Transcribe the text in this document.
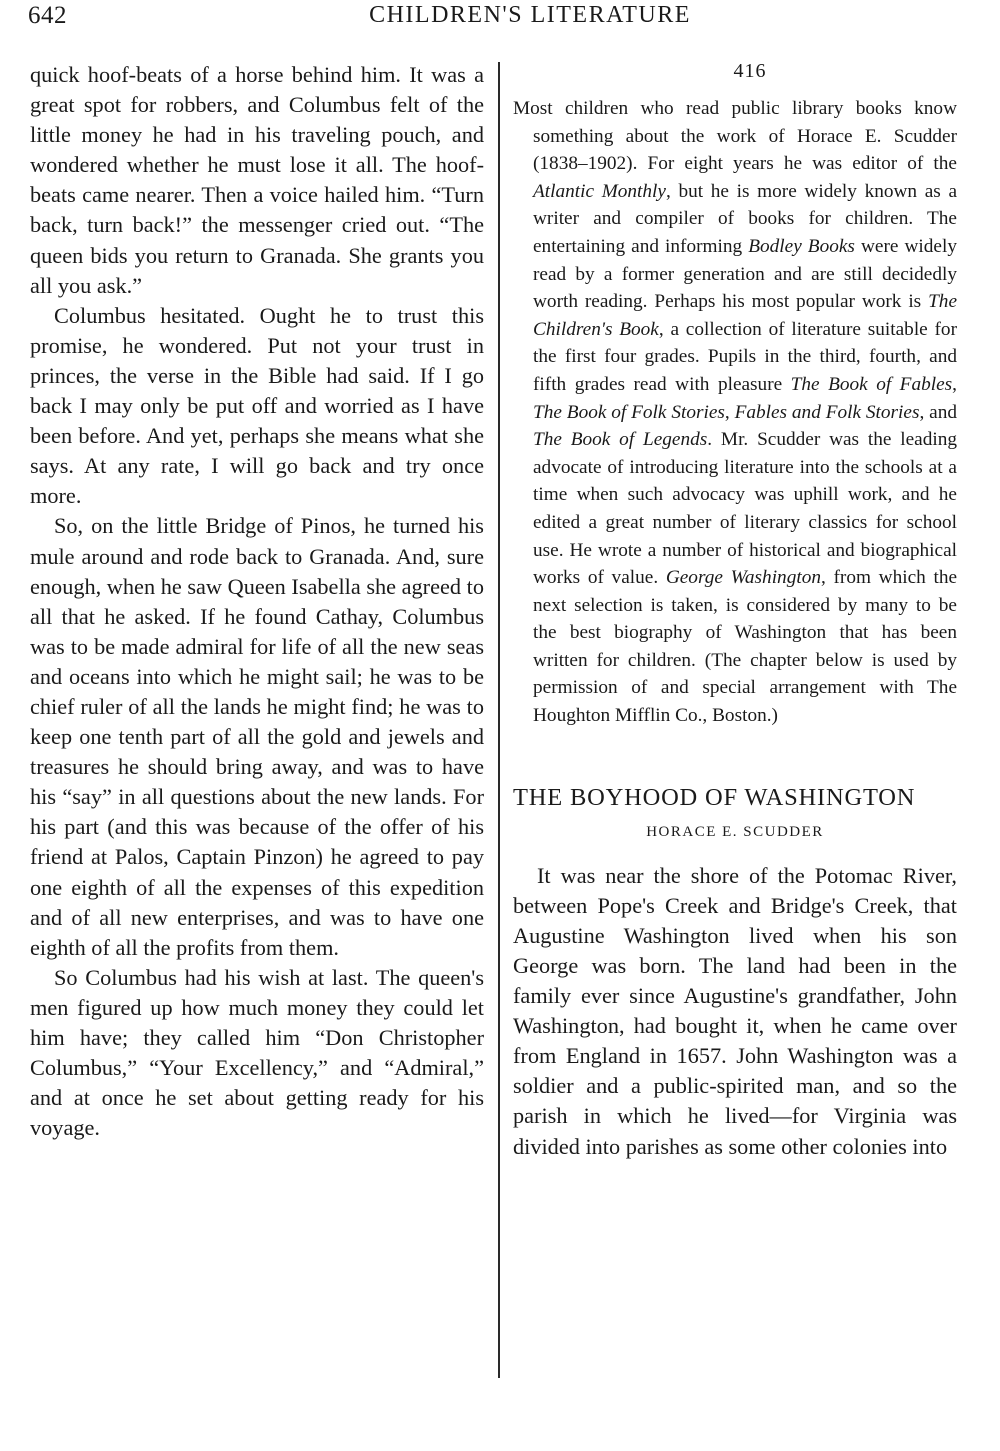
642	CHILDREN'S LITERATURE

quick hoof-beats of a horse behind him. It was a great spot for robbers, and Columbus felt of the little money he had in his traveling pouch, and wondered whether he must lose it all. The hoof-beats came nearer. Then a voice hailed him. “Turn back, turn back!” the messenger cried out. “The queen bids you return to Granada. She grants you all you ask.”

Columbus hesitated. Ought he to trust this promise, he wondered. Put not your trust in princes, the verse in the Bible had said. If I go back I may only be put off and worried as I have been before. And yet, perhaps she means what she says. At any rate, I will go back and try once more.

So, on the little Bridge of Pinos, he turned his mule around and rode back to Granada. And, sure enough, when he saw Queen Isabella she agreed to all that he asked. If he found Cathay, Columbus was to be made admiral for life of all the new seas and oceans into which he might sail; he was to be chief ruler of all the lands he might find; he was to keep one tenth part of all the gold and jewels and treasures he should bring away, and was to have his “say” in all questions about the new lands. For his part (and this was because of the offer of his friend at Palos, Captain Pinzon) he agreed to pay one eighth of all the expenses of this expedition and of all new enterprises, and was to have one eighth of all the profits from them.

So Columbus had his wish at last. The queen's men figured up how much money they could let him have; they called him “Don Christopher Columbus,” “Your Excellency,” and “Admiral,” and at once he set about getting ready for his voyage.

416

Most children who read public library books know something about the work of Horace E. Scudder (1838–1902). For eight years he was editor of the Atlantic Monthly, but he is more widely known as a writer and compiler of books for children. The entertaining and informing Bodley Books were widely read by a former generation and are still decidedly worth reading. Perhaps his most popular work is The Children's Book, a collection of literature suitable for the first four grades. Pupils in the third, fourth, and fifth grades read with pleasure The Book of Fables, The Book of Folk Stories, Fables and Folk Stories, and The Book of Legends. Mr. Scudder was the leading advocate of introducing literature into the schools at a time when such advocacy was uphill work, and he edited a great number of literary classics for school use. He wrote a number of historical and biographical works of value. George Washington, from which the next selection is taken, is considered by many to be the best biography of Washington that has been written for children. (The chapter below is used by permission of and special arrangement with The Houghton Mifflin Co., Boston.)

THE BOYHOOD OF WASHINGTON
HORACE E. SCUDDER

It was near the shore of the Potomac River, between Pope's Creek and Bridge's Creek, that Augustine Washington lived when his son George was born. The land had been in the family ever since Augustine's grandfather, John Washington, had bought it, when he came over from England in 1657. John Washington was a soldier and a public-spirited man, and so the parish in which he lived—for Virginia was divided into parishes as some other colonies into
